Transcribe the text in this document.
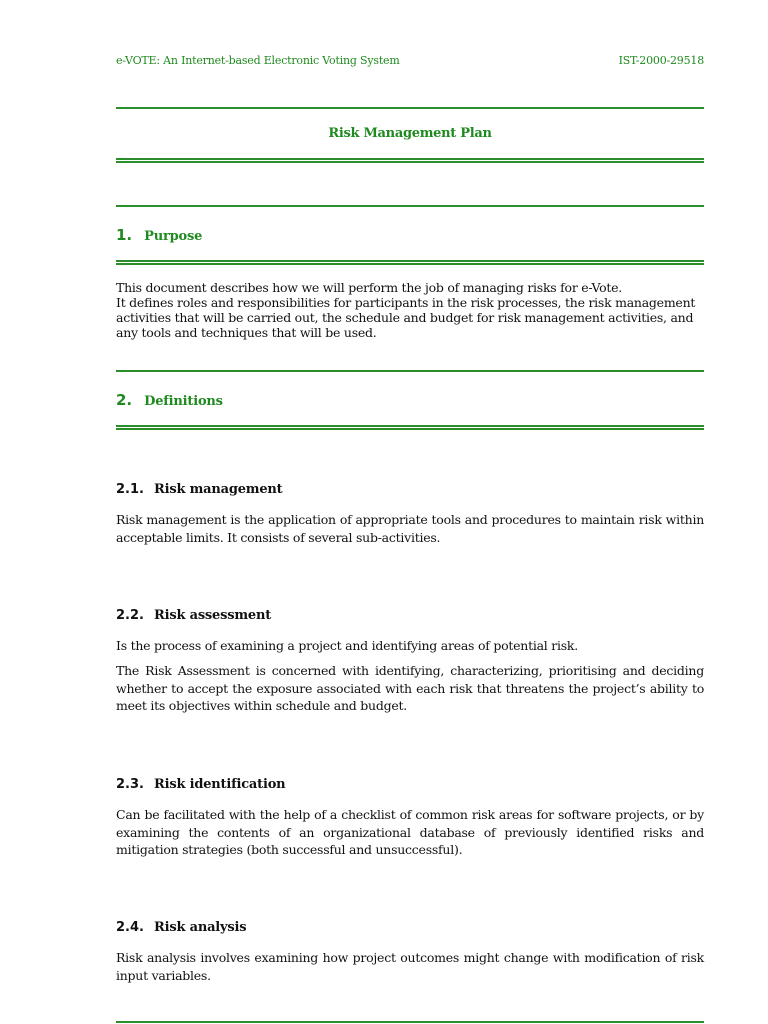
e-VOTE: An Internet-based Electronic Voting System	IST-2000-29518
Risk Management Plan
1. Purpose

This document describes how we will perform the job of managing risks for e-Vote.

It defines roles and responsibilities for participants in the risk processes, the risk management activities that will be carried out, the schedule and budget for risk management activities, and any tools and techniques that will be used.

2. Definitions
2.1. Risk management
Risk management is the application of appropriate tools and procedures to maintain risk within acceptable limits. It consists of several sub-activities.
2.2. Risk assessment
Is the process of examining a project and identifying areas of potential risk.
The Risk Assessment is concerned with identifying, characterizing, prioritising and deciding whether to accept the exposure associated with each risk that threatens the project’s ability to meet its objectives within schedule and budget.
2.3. Risk identification
Can be facilitated with the help of a checklist of common risk areas for software projects, or by examining the contents of an organizational database of previously identified risks and mitigation strategies (both successful and unsuccessful).
2.4. Risk analysis
Risk analysis involves examining how project outcomes might change with modification of risk input variables.
